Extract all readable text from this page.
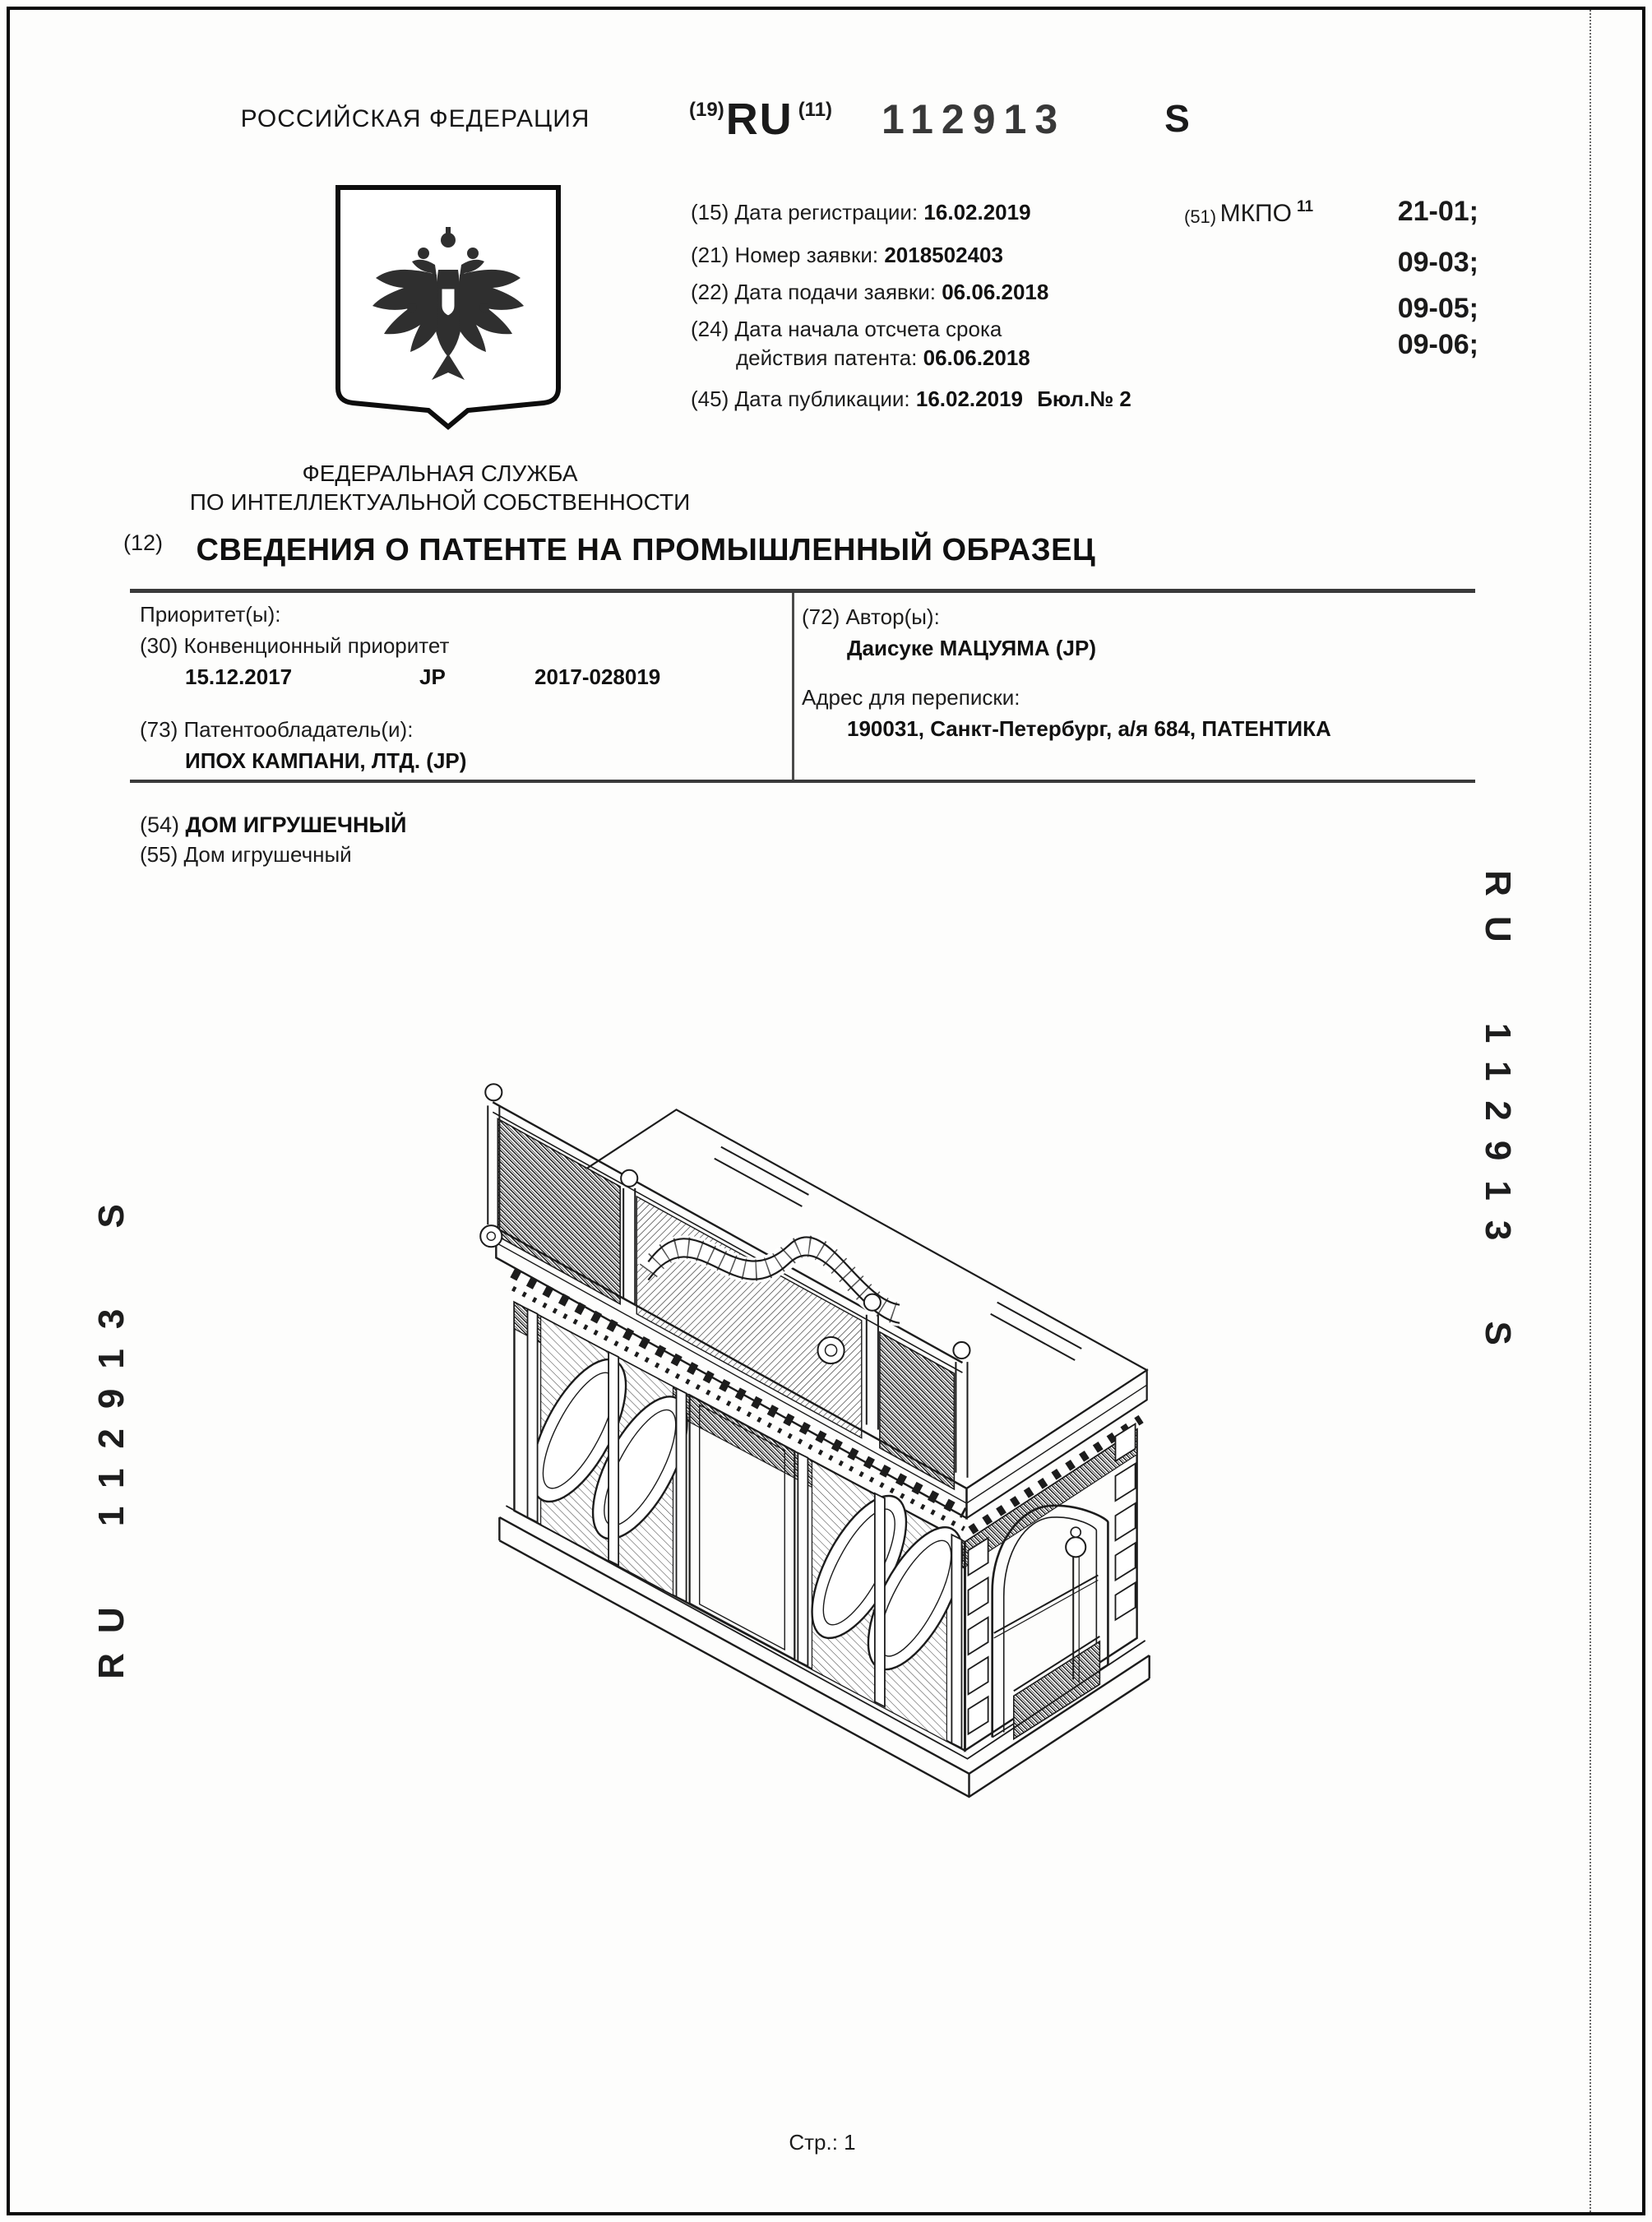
РОССИЙСКАЯ ФЕДЕРАЦИЯ	(19) RU (11) 112913	S
(15) Дата регистрации: 16.02.2019
(21) Номер заявки: 2018502403
(22) Дата подачи заявки: 06.06.2018
(24) Дата начала отсчета срока
действия патента: 06.06.2018
(45) Дата публикации: 16.02.2019 Бюл.№ 2
(51) МКПО 11	21-01;
09-03;
09-05;
09-06;
ФЕДЕРАЛЬНАЯ СЛУЖБА
ПО ИНТЕЛЛЕКТУАЛЬНОЙ СОБСТВЕННОСТИ
(12) СВЕДЕНИЯ О ПАТЕНТЕ НА ПРОМЫШЛЕННЫЙ ОБРАЗЕЦ
Приоритет(ы):
(30) Конвенционный приоритет
15.12.2017	JP	2017-028019
(73) Патентообладатель(и):
ИПОХ КАМПАНИ, ЛТД. (JP)
(72) Автор(ы):
Даисуке МАЦУЯМА (JP)
Адрес для переписки:
190031, Санкт-Петербург, а/я 684, ПАТЕНТИКА
(54) ДОМ ИГРУШЕЧНЫЙ
(55) Дом игрушечный
RU 112913 S
RU 112913 S
Стр.: 1
